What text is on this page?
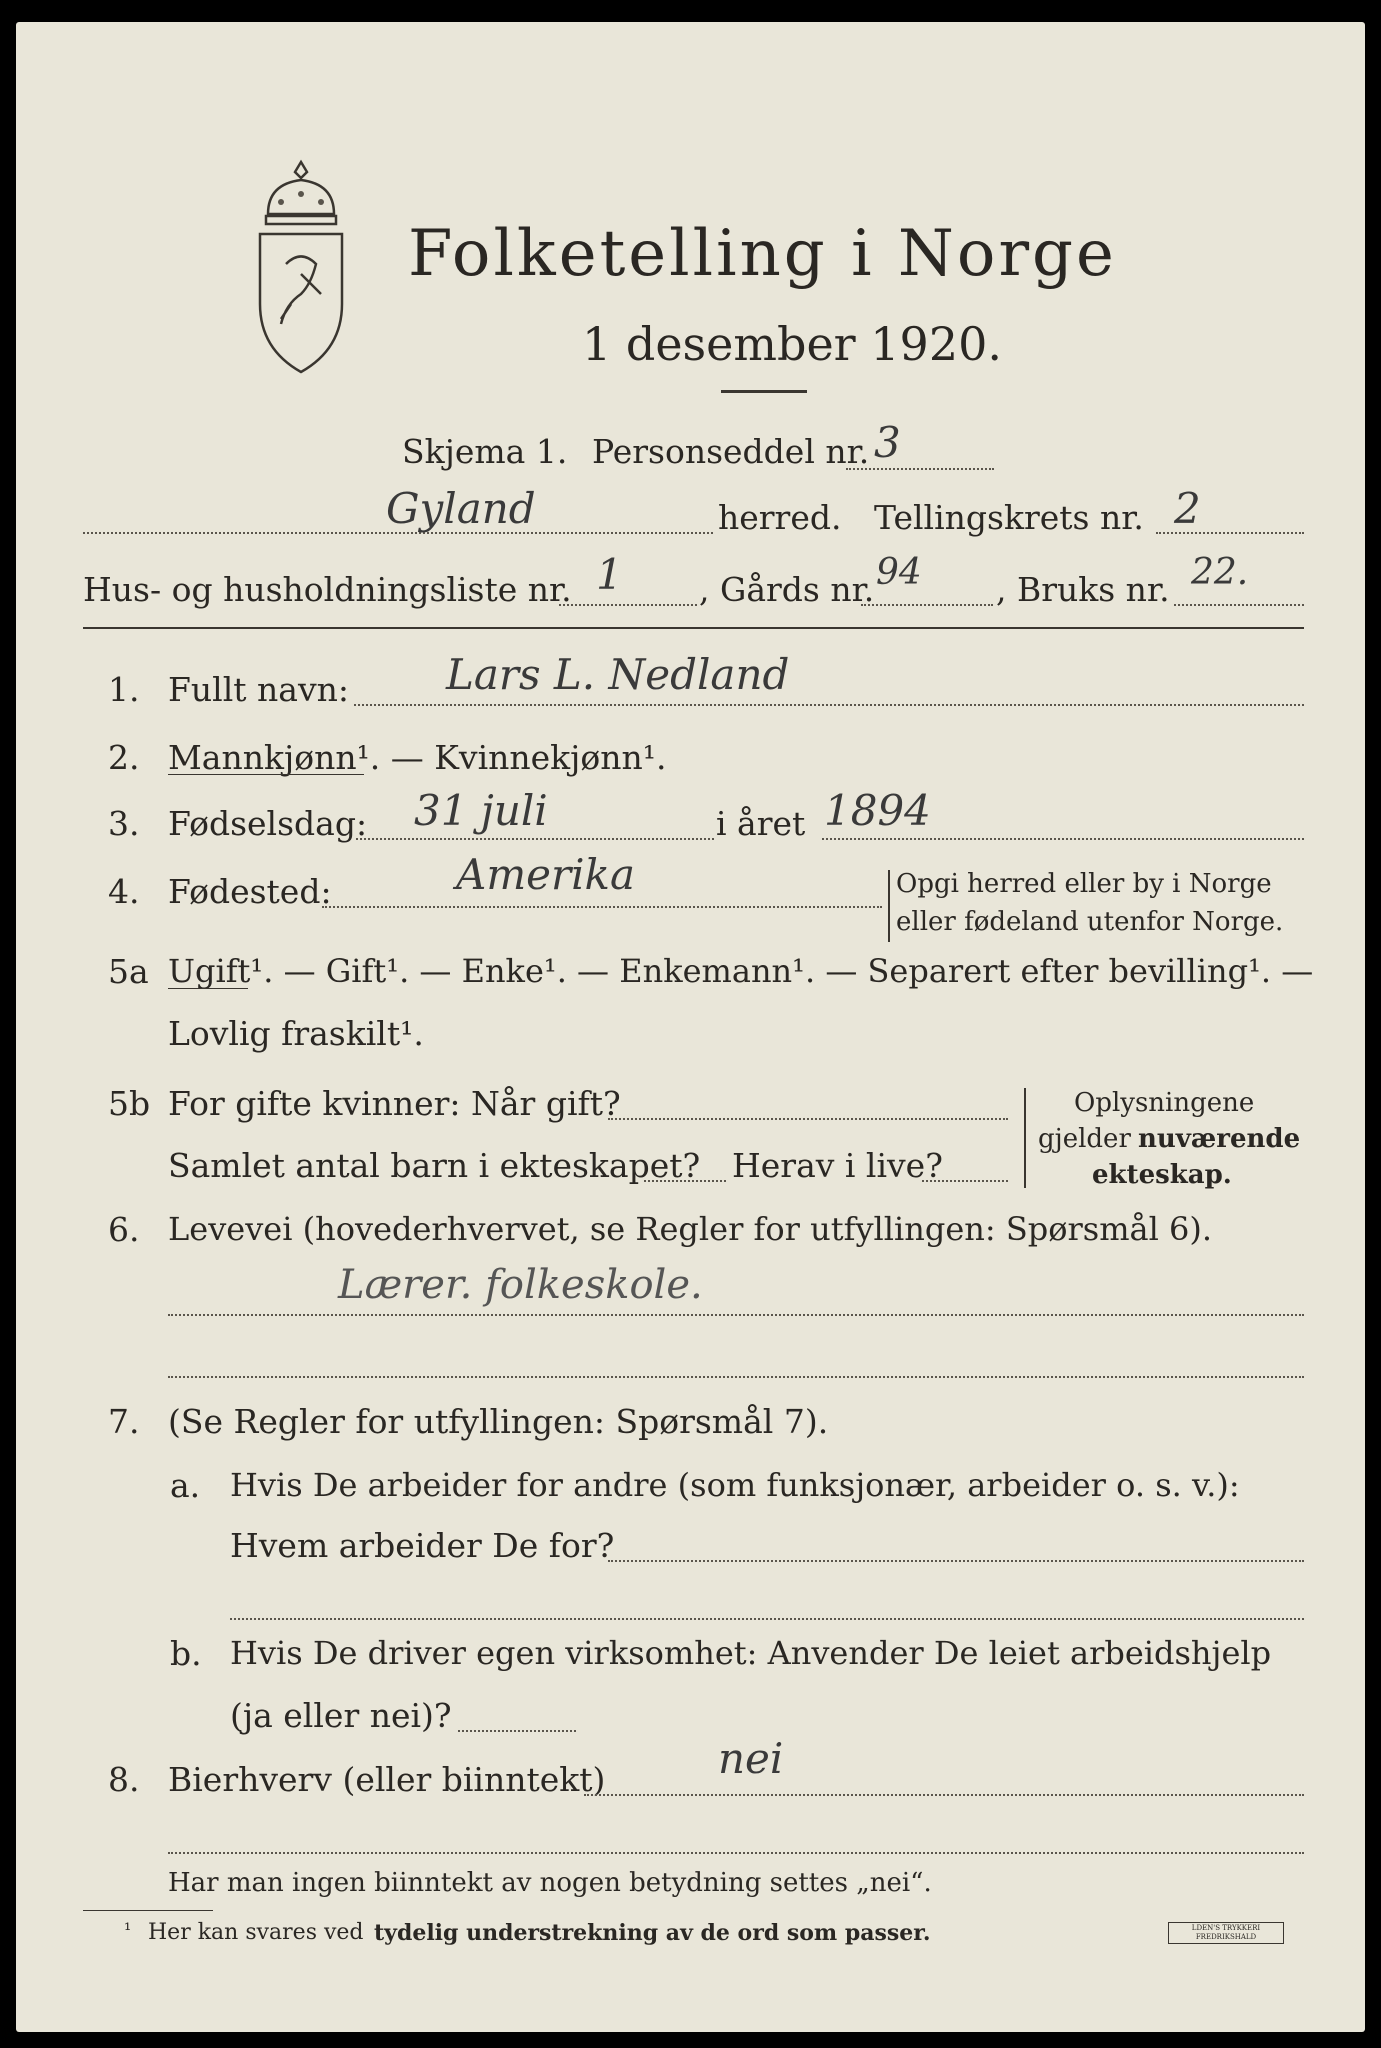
Folketelling i Norge
1 desember 1920.
Skjema 1. Personseddel nr. 3
Gyland	herred. Tellingskrets nr. 2
Hus- og husholdningsliste nr. 1 , Gårds nr. 94 , Bruks nr. 22.
1. Fullt navn: Lars L. Nedland
2. Mannkjønn¹. — Kvinnekjønn¹.
3. Fødselsdag: 31 juli	i året 1894
4. Fødested:	Amerika	Opgi herred eller by i Norge
eller fødeland utenfor Norge.
5a Ugift¹. — Gift¹. — Enke¹. — Enkemann¹. — Separert efter bevilling¹. —
Lovlig fraskilt¹.
5b For gifte kvinner: Når gift?
Samlet antal barn i ekteskapet? Herav i live?
Oplysningene
gjelder nuværende
ekteskap.
6. Levevei (hovederhvervet, se Regler for utfyllingen: Spørsmål 6).
Lærer. folkeskole.
7. (Se Regler for utfyllingen: Spørsmål 7).
a. Hvis De arbeider for andre (som funksjonær, arbeider o. s. v.):
Hvem arbeider De for?
b. Hvis De driver egen virksomhet: Anvender De leiet arbeidshjelp
(ja eller nei)?
8. Bierhverv (eller biinntekt)	nei
Har man ingen biinntekt av nogen betydning settes „nei“.
¹ Her kan svares ved tydelig understrekning av de ord som passer.	LDEN'S TRYKKERI FREDRIKSHALD
